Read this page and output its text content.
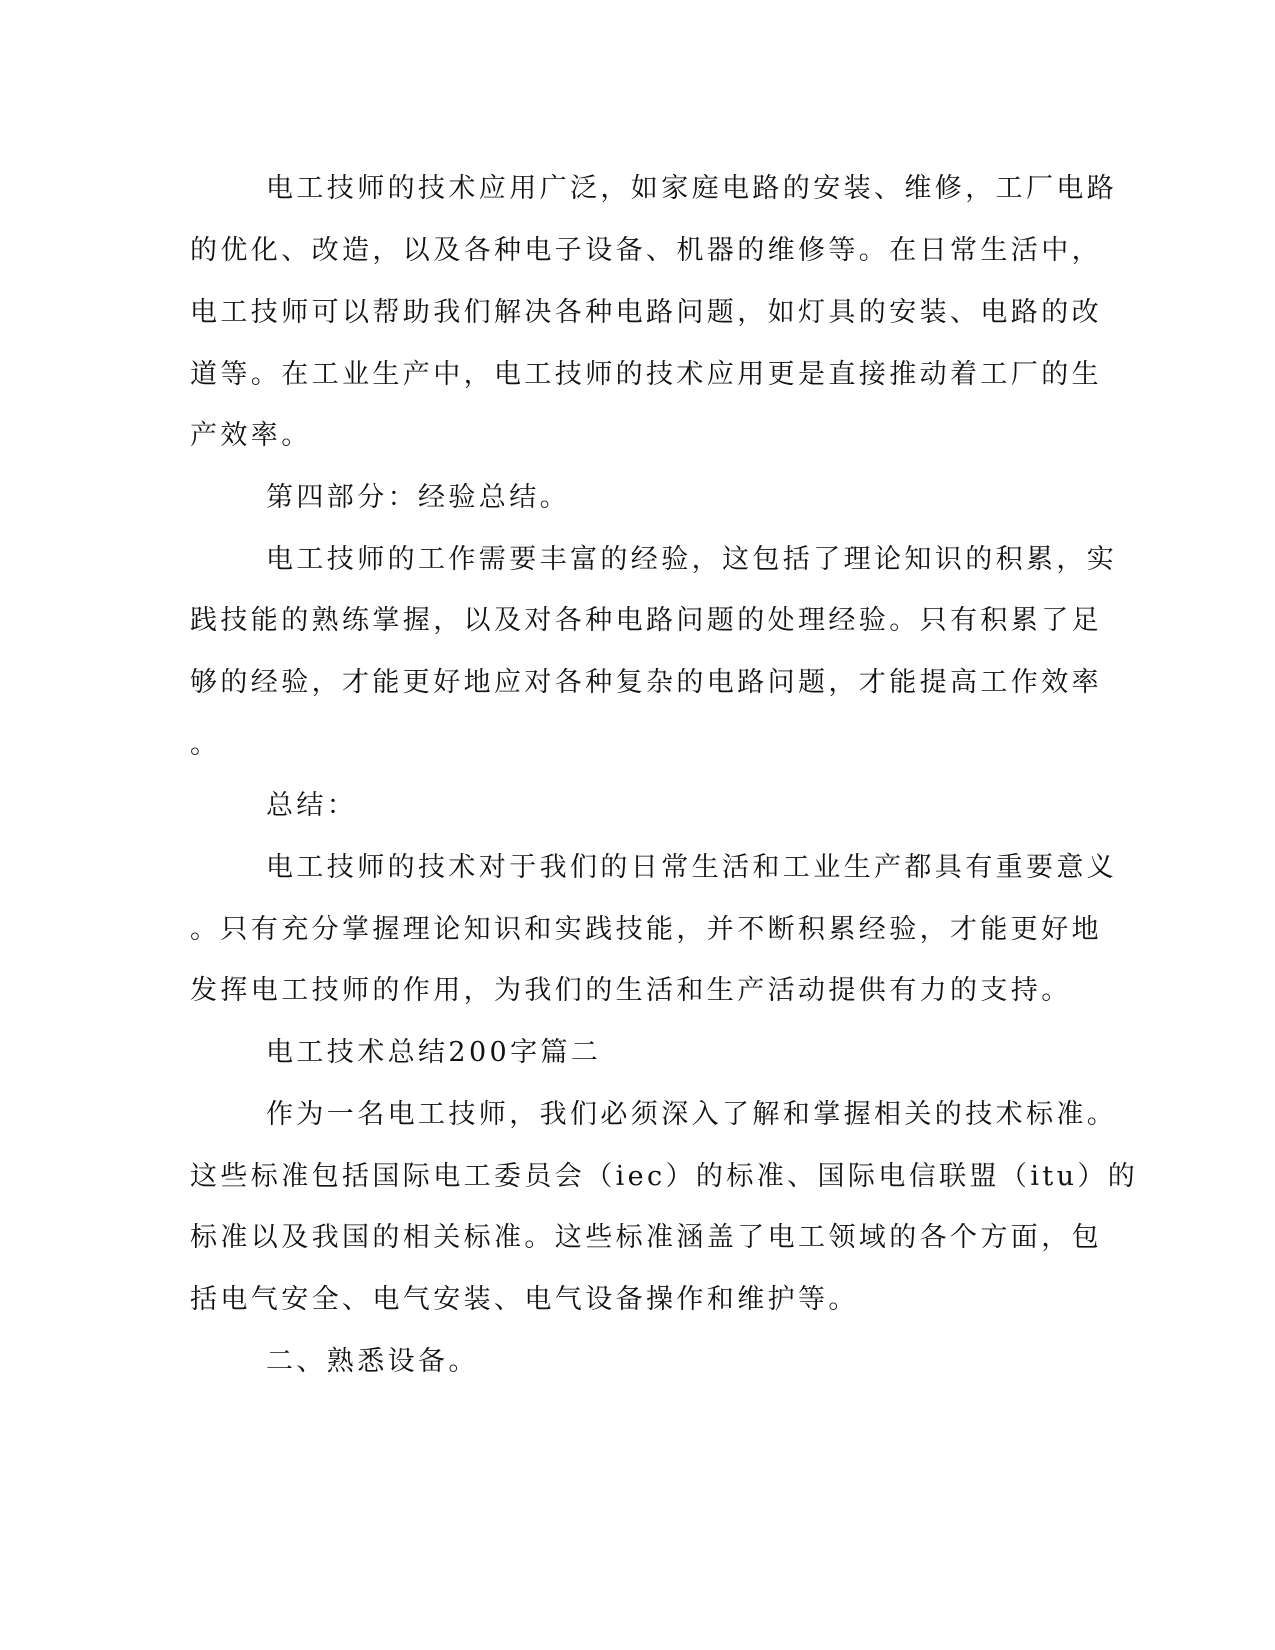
电工技师的技术应用广泛，如家庭电路的安装、维修，工厂电路
的优化、改造，以及各种电子设备、机器的维修等。在日常生活中，
电工技师可以帮助我们解决各种电路问题，如灯具的安装、电路的改
道等。在工业生产中，电工技师的技术应用更是直接推动着工厂的生
产效率。
第四部分：经验总结。
电工技师的工作需要丰富的经验，这包括了理论知识的积累，实
践技能的熟练掌握，以及对各种电路问题的处理经验。只有积累了足
够的经验，才能更好地应对各种复杂的电路问题，才能提高工作效率
。
总结：
电工技师的技术对于我们的日常生活和工业生产都具有重要意义
。只有充分掌握理论知识和实践技能，并不断积累经验，才能更好地
发挥电工技师的作用，为我们的生活和生产活动提供有力的支持。
电工技术总结200字篇二
作为一名电工技师，我们必须深入了解和掌握相关的技术标准。
这些标准包括国际电工委员会（iec）的标准、国际电信联盟（itu）的
标准以及我国的相关标准。这些标准涵盖了电工领域的各个方面，包
括电气安全、电气安装、电气设备操作和维护等。
二、熟悉设备。
